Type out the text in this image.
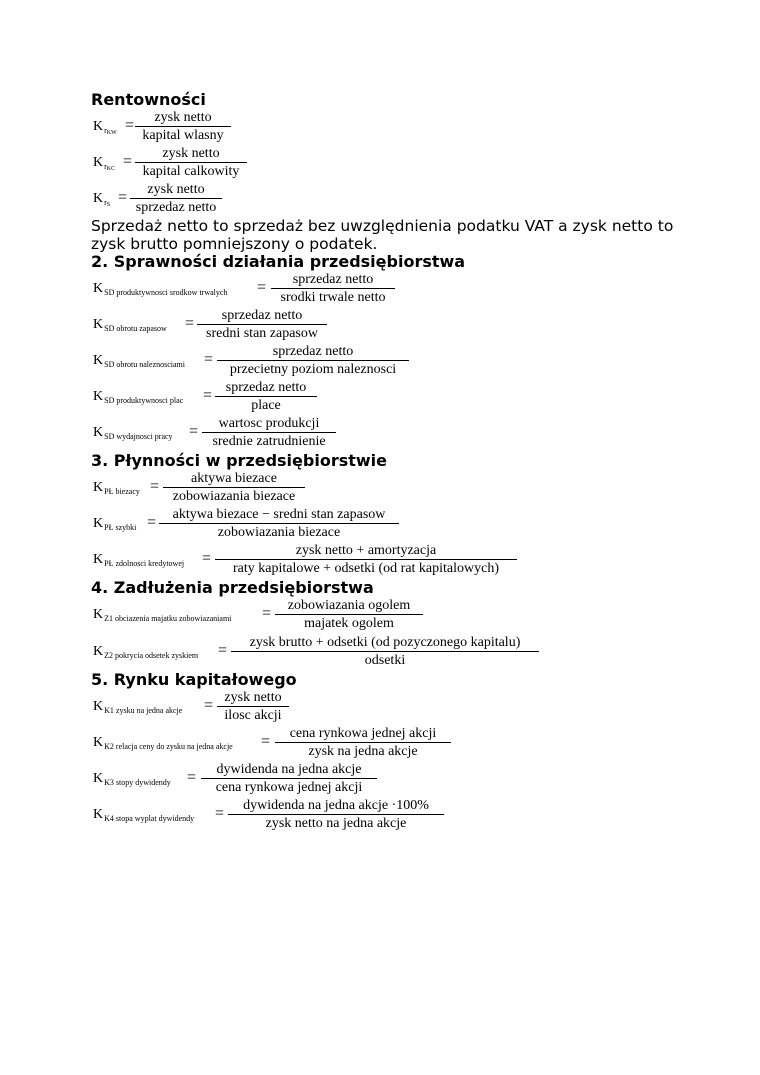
Rentowności
$K_{rKW}$ =	zysk netto
kapital wlasny
$K_{rKC}$ =	zysk netto
kapital calkowity
$K_{rS}$ =	zysk netto
sprzedaz netto
Sprzedaż netto to sprzedaż bez uwzględnienia podatku VAT a zysk netto to zysk brutto pomniejszony o podatek.
2. Sprawności działania przedsiębiorstwa
$K_{SD produktywnosci srodkow trwalych}$ =	sprzedaz netto
srodki trwale netto
$K_{SD obrotu zapasow}$ =	sprzedaz netto
sredni stan zapasow
$K_{SD obrotu naleznosciami}$ =	sprzedaz netto
przecietny poziom naleznosci
$K_{SD produktywnosci plac}$ = sprzedaz netto
place
$K_{SD wydajnosci pracy}$ =	wartosc produkcji
srednie zatrudnienie
3. Płynności w przedsiębiorstwie
$K_{PŁ biezacy}$ =	aktywa biezace
zobowiazania biezace
$K_{PŁ szybki}$ =	aktywa biezace − sredni stan zapasow
zobowiazania biezace
$K_{PŁ zdolnosci kredytowej}$ =	zysk netto + amortyzacja
raty kapitalowe + odsetki (od rat kapitalowych)
4. Zadłużenia przedsiębiorstwa
$K_{Z1 obciazenia majatku zobowiazaniami}$ =	zobowiazania ogolem
majatek ogolem
$K_{Z2 pokrycia odsetek zyskiem}$ =	zysk brutto + odsetki (od pozyczonego kapitalu)
odsetki
5. Rynku kapitałowego
$K_{K1 zysku na jedna akcje}$ = zysk netto
ilosc akcji
$K_{K2 relacja ceny do zysku na jedna akcje}$ =	cena rynkowa jednej akcji
zysk na jedna akcje
$K_{K3 stopy dywidendy}$ =	dywidenda na jedna akcje
cena rynkowa jednej akcji
$K_{K4 stopa wyplat dywidendy}$ =	dywidenda na jedna akcje ·100%
zysk netto na jedna akcje
